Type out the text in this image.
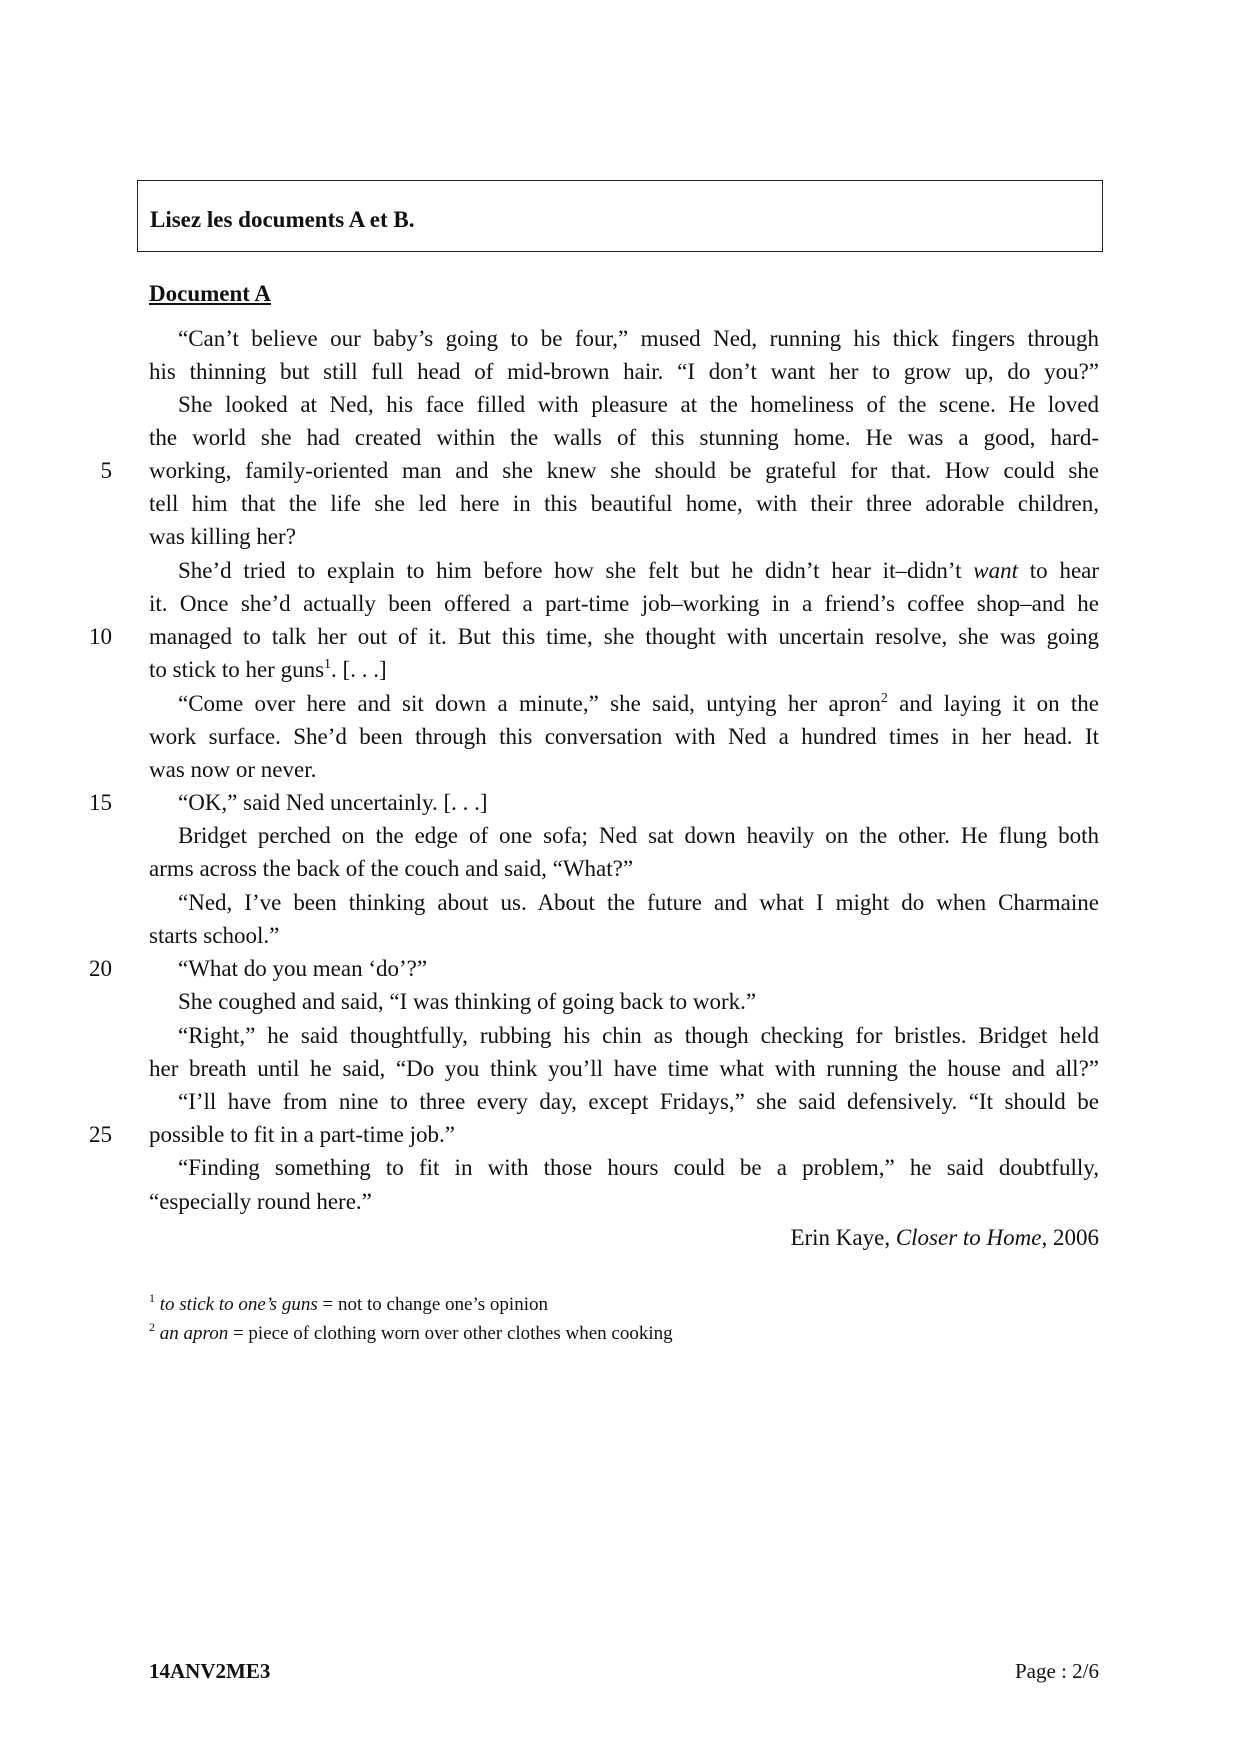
Lisez les documents A et B.
Document A
“Can’t believe our baby’s going to be four,” mused Ned, running his thick fingers through
his thinning but still full head of mid-brown hair. “I don’t want her to grow up, do you?”
She looked at Ned, his face filled with pleasure at the homeliness of the scene. He loved
the world she had created within the walls of this stunning home. He was a good, hard-
5 working, family-oriented man and she knew she should be grateful for that. How could she
tell him that the life she led here in this beautiful home, with their three adorable children,
was killing her?
She’d tried to explain to him before how she felt but he didn’t hear it–didn’t want to hear
it. Once she’d actually been offered a part-time job–working in a friend’s coffee shop–and he
10 managed to talk her out of it. But this time, she thought with uncertain resolve, she was going
to stick to her guns$^1$. [. . .]
“Come over here and sit down a minute,” she said, untying her apron$^2$ and laying it on the
work surface. She’d been through this conversation with Ned a hundred times in her head. It
was now or never.
15	“OK,” said Ned uncertainly. [. . .]
Bridget perched on the edge of one sofa; Ned sat down heavily on the other. He flung both
arms across the back of the couch and said, “What?”
“Ned, I’ve been thinking about us. About the future and what I might do when Charmaine
starts school.”
20	“What do you mean ‘do’?”
She coughed and said, “I was thinking of going back to work.”
“Right,” he said thoughtfully, rubbing his chin as though checking for bristles. Bridget held
her breath until he said, “Do you think you’ll have time what with running the house and all?”
“I’ll have from nine to three every day, except Fridays,” she said defensively. “It should be
25 possible to fit in a part-time job.”
“Finding something to fit in with those hours could be a problem,” he said doubtfully,
“especially round here.”
Erin Kaye, Closer to Home, 2006
$^1$ to stick to one’s guns = not to change one’s opinion
$^2$ an apron = piece of clothing worn over other clothes when cooking
14ANV2ME3	Page : 2/6
